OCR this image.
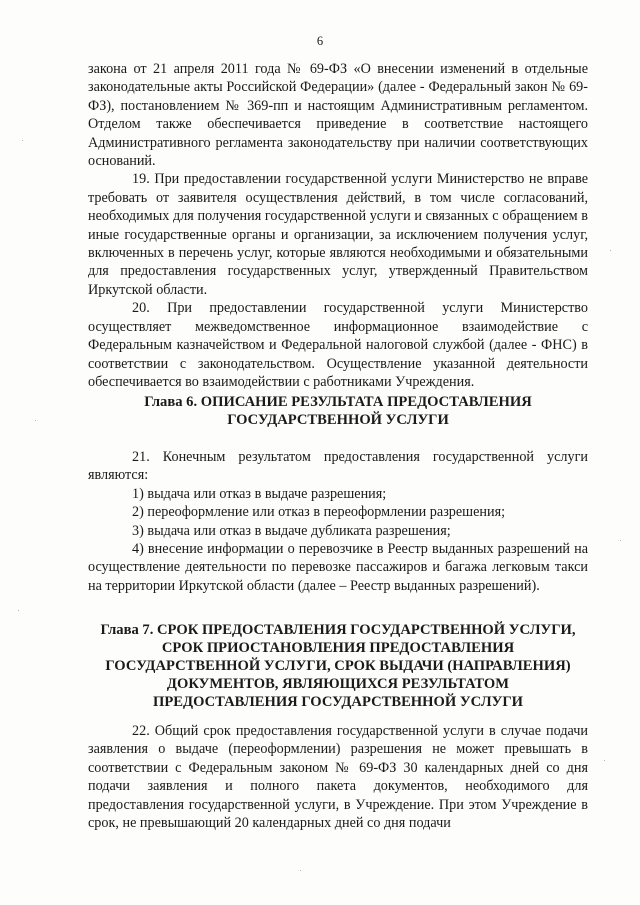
6

закона от 21 апреля 2011 года № 69-ФЗ «О внесении изменений в отдельные законодательные акты Российской Федерации» (далее - Федеральный закон № 69-ФЗ), постановлением № 369-пп и настоящим Административным регламентом. Отделом также обеспечивается приведение в соответствие настоящего Административного регламента законодательству при наличии соответствующих оснований.

19. При предоставлении государственной услуги Министерство не вправе требовать от заявителя осуществления действий, в том числе согласований, необходимых для получения государственной услуги и связанных с обращением в иные государственные органы и организации, за исключением получения услуг, включенных в перечень услуг, которые являются необходимыми и обязательными для предоставления государственных услуг, утвержденный Правительством Иркутской области.

20. При предоставлении государственной услуги Министерство осуществляет межведомственное информационное взаимодействие с Федеральным казначейством и Федеральной налоговой службой (далее - ФНС) в соответствии с законодательством. Осуществление указанной деятельности обеспечивается во взаимодействии с работниками Учреждения.

Глава 6. ОПИСАНИЕ РЕЗУЛЬТАТА ПРЕДОСТАВЛЕНИЯ
ГОСУДАРСТВЕННОЙ УСЛУГИ

21. Конечным результатом предоставления государственной услуги являются:

1) выдача или отказ в выдаче разрешения;

2) переоформление или отказ в переоформлении разрешения;

3) выдача или отказ в выдаче дубликата разрешения;

4) внесение информации о перевозчике в Реестр выданных разрешений на осуществление деятельности по перевозке пассажиров и багажа легковым такси на территории Иркутской области (далее – Реестр выданных разрешений).

Глава 7. СРОК ПРЕДОСТАВЛЕНИЯ ГОСУДАРСТВЕННОЙ УСЛУГИ,
СРОК ПРИОСТАНОВЛЕНИЯ ПРЕДОСТАВЛЕНИЯ
ГОСУДАРСТВЕННОЙ УСЛУГИ, СРОК ВЫДАЧИ (НАПРАВЛЕНИЯ)
ДОКУМЕНТОВ, ЯВЛЯЮЩИХСЯ РЕЗУЛЬТАТОМ
ПРЕДОСТАВЛЕНИЯ ГОСУДАРСТВЕННОЙ УСЛУГИ

22. Общий срок предоставления государственной услуги в случае подачи заявления о выдаче (переоформлении) разрешения не может превышать в соответствии с Федеральным законом № 69-ФЗ 30 календарных дней со дня подачи заявления и полного пакета документов, необходимого для предоставления государственной услуги, в Учреждение. При этом Учреждение в срок, не превышающий 20 календарных дней со дня подачи
